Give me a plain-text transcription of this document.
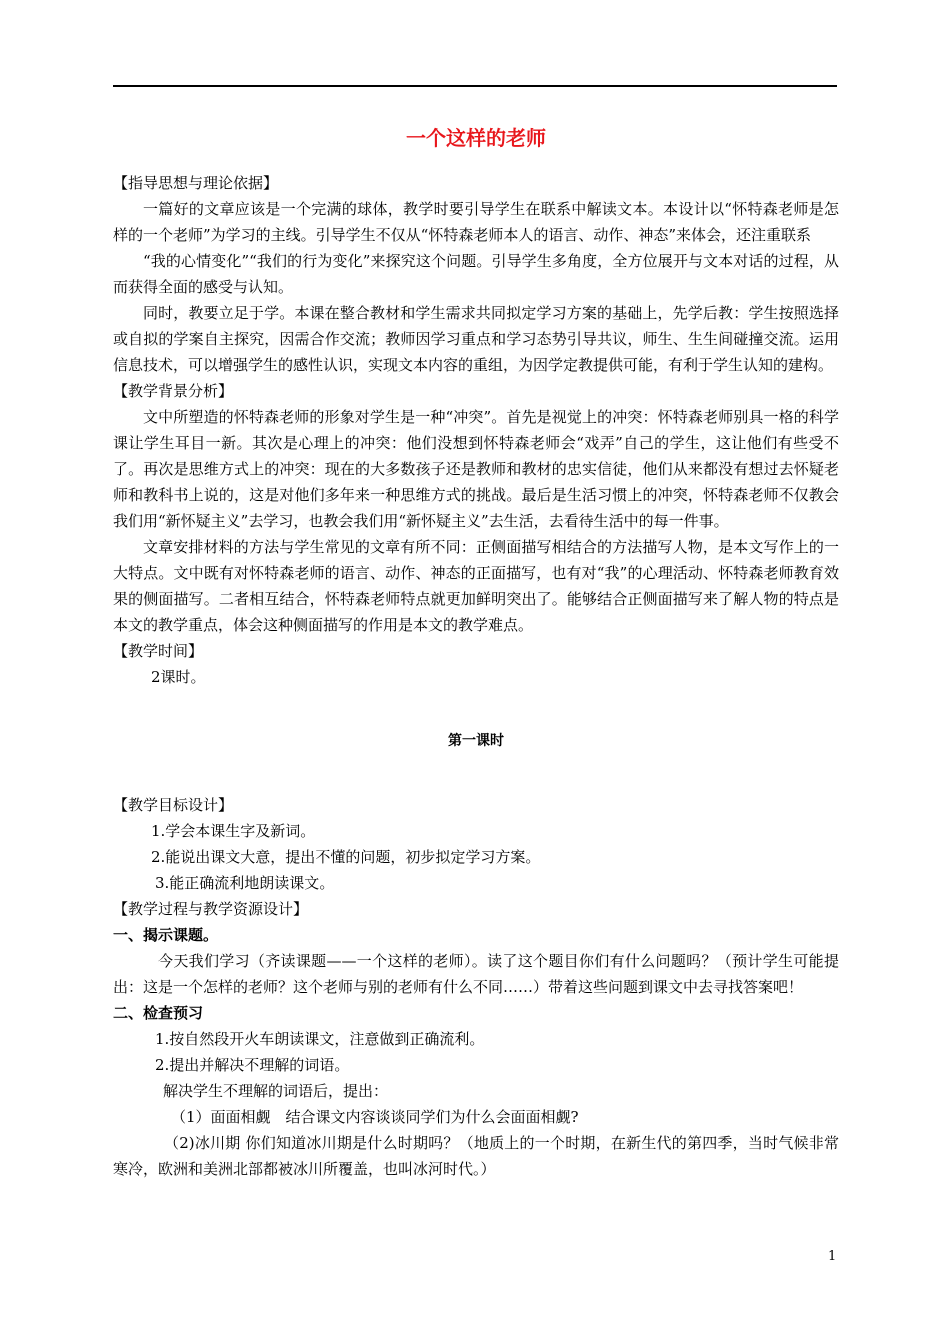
一个这样的老师
【指导思想与理论依据】

一篇好的文章应该是一个完满的球体，教学时要引导学生在联系中解读文本。本设计以“怀特森老师是怎样的一个老师”为学习的主线。引导学生不仅从“怀特森老师本人的语言、动作、神态”来体会，还注重联系

“我的心情变化”“我们的行为变化”来探究这个问题。引导学生多角度，全方位展开与文本对话的过程，从而获得全面的感受与认知。

同时，教要立足于学。本课在整合教材和学生需求共同拟定学习方案的基础上，先学后教：学生按照选择或自拟的学案自主探究，因需合作交流；教师因学习重点和学习态势引导共议，师生、生生间碰撞交流。运用信息技术，可以增强学生的感性认识，实现文本内容的重组，为因学定教提供可能，有利于学生认知的建构。

【教学背景分析】

文中所塑造的怀特森老师的形象对学生是一种“冲突”。首先是视觉上的冲突：怀特森老师别具一格的科学课让学生耳目一新。其次是心理上的冲突：他们没想到怀特森老师会“戏弄”自己的学生，这让他们有些受不了。再次是思维方式上的冲突：现在的大多数孩子还是教师和教材的忠实信徒，他们从来都没有想过去怀疑老师和教科书上说的，这是对他们多年来一种思维方式的挑战。最后是生活习惯上的冲突，怀特森老师不仅教会我们用“新怀疑主义”去学习，也教会我们用“新怀疑主义”去生活，去看待生活中的每一件事。

文章安排材料的方法与学生常见的文章有所不同：正侧面描写相结合的方法描写人物，是本文写作上的一大特点。文中既有对怀特森老师的语言、动作、神态的正面描写，也有对“我”的心理活动、怀特森老师教育效果的侧面描写。二者相互结合，怀特森老师特点就更加鲜明突出了。能够结合正侧面描写来了解人物的特点是本文的教学重点，体会这种侧面描写的作用是本文的教学难点。

【教学时间】
2课时。
第一课时
【教学目标设计】
1.学会本课生字及新词。
2.能说出课文大意，提出不懂的问题，初步拟定学习方案。
3.能正确流利地朗读课文。
【教学过程与教学资源设计】
一、揭示课题。

今天我们学习（齐读课题——一个这样的老师）。读了这个题目你们有什么问题吗？（预计学生可能提出：这是一个怎样的老师？这个老师与别的老师有什么不同……）带着这些问题到课文中去寻找答案吧！

二、检查预习
1.按自然段开火车朗读课文，注意做到正确流利。
2.提出并解决不理解的词语。
解决学生不理解的词语后，提出：
（1）面面相觑　结合课文内容谈谈同学们为什么会面面相觑?

（2)冰川期 你们知道冰川期是什么时期吗？（地质上的一个时期，在新生代的第四季，当时气候非常寒冷，欧洲和美洲北部都被冰川所覆盖，也叫冰河时代。）

1
